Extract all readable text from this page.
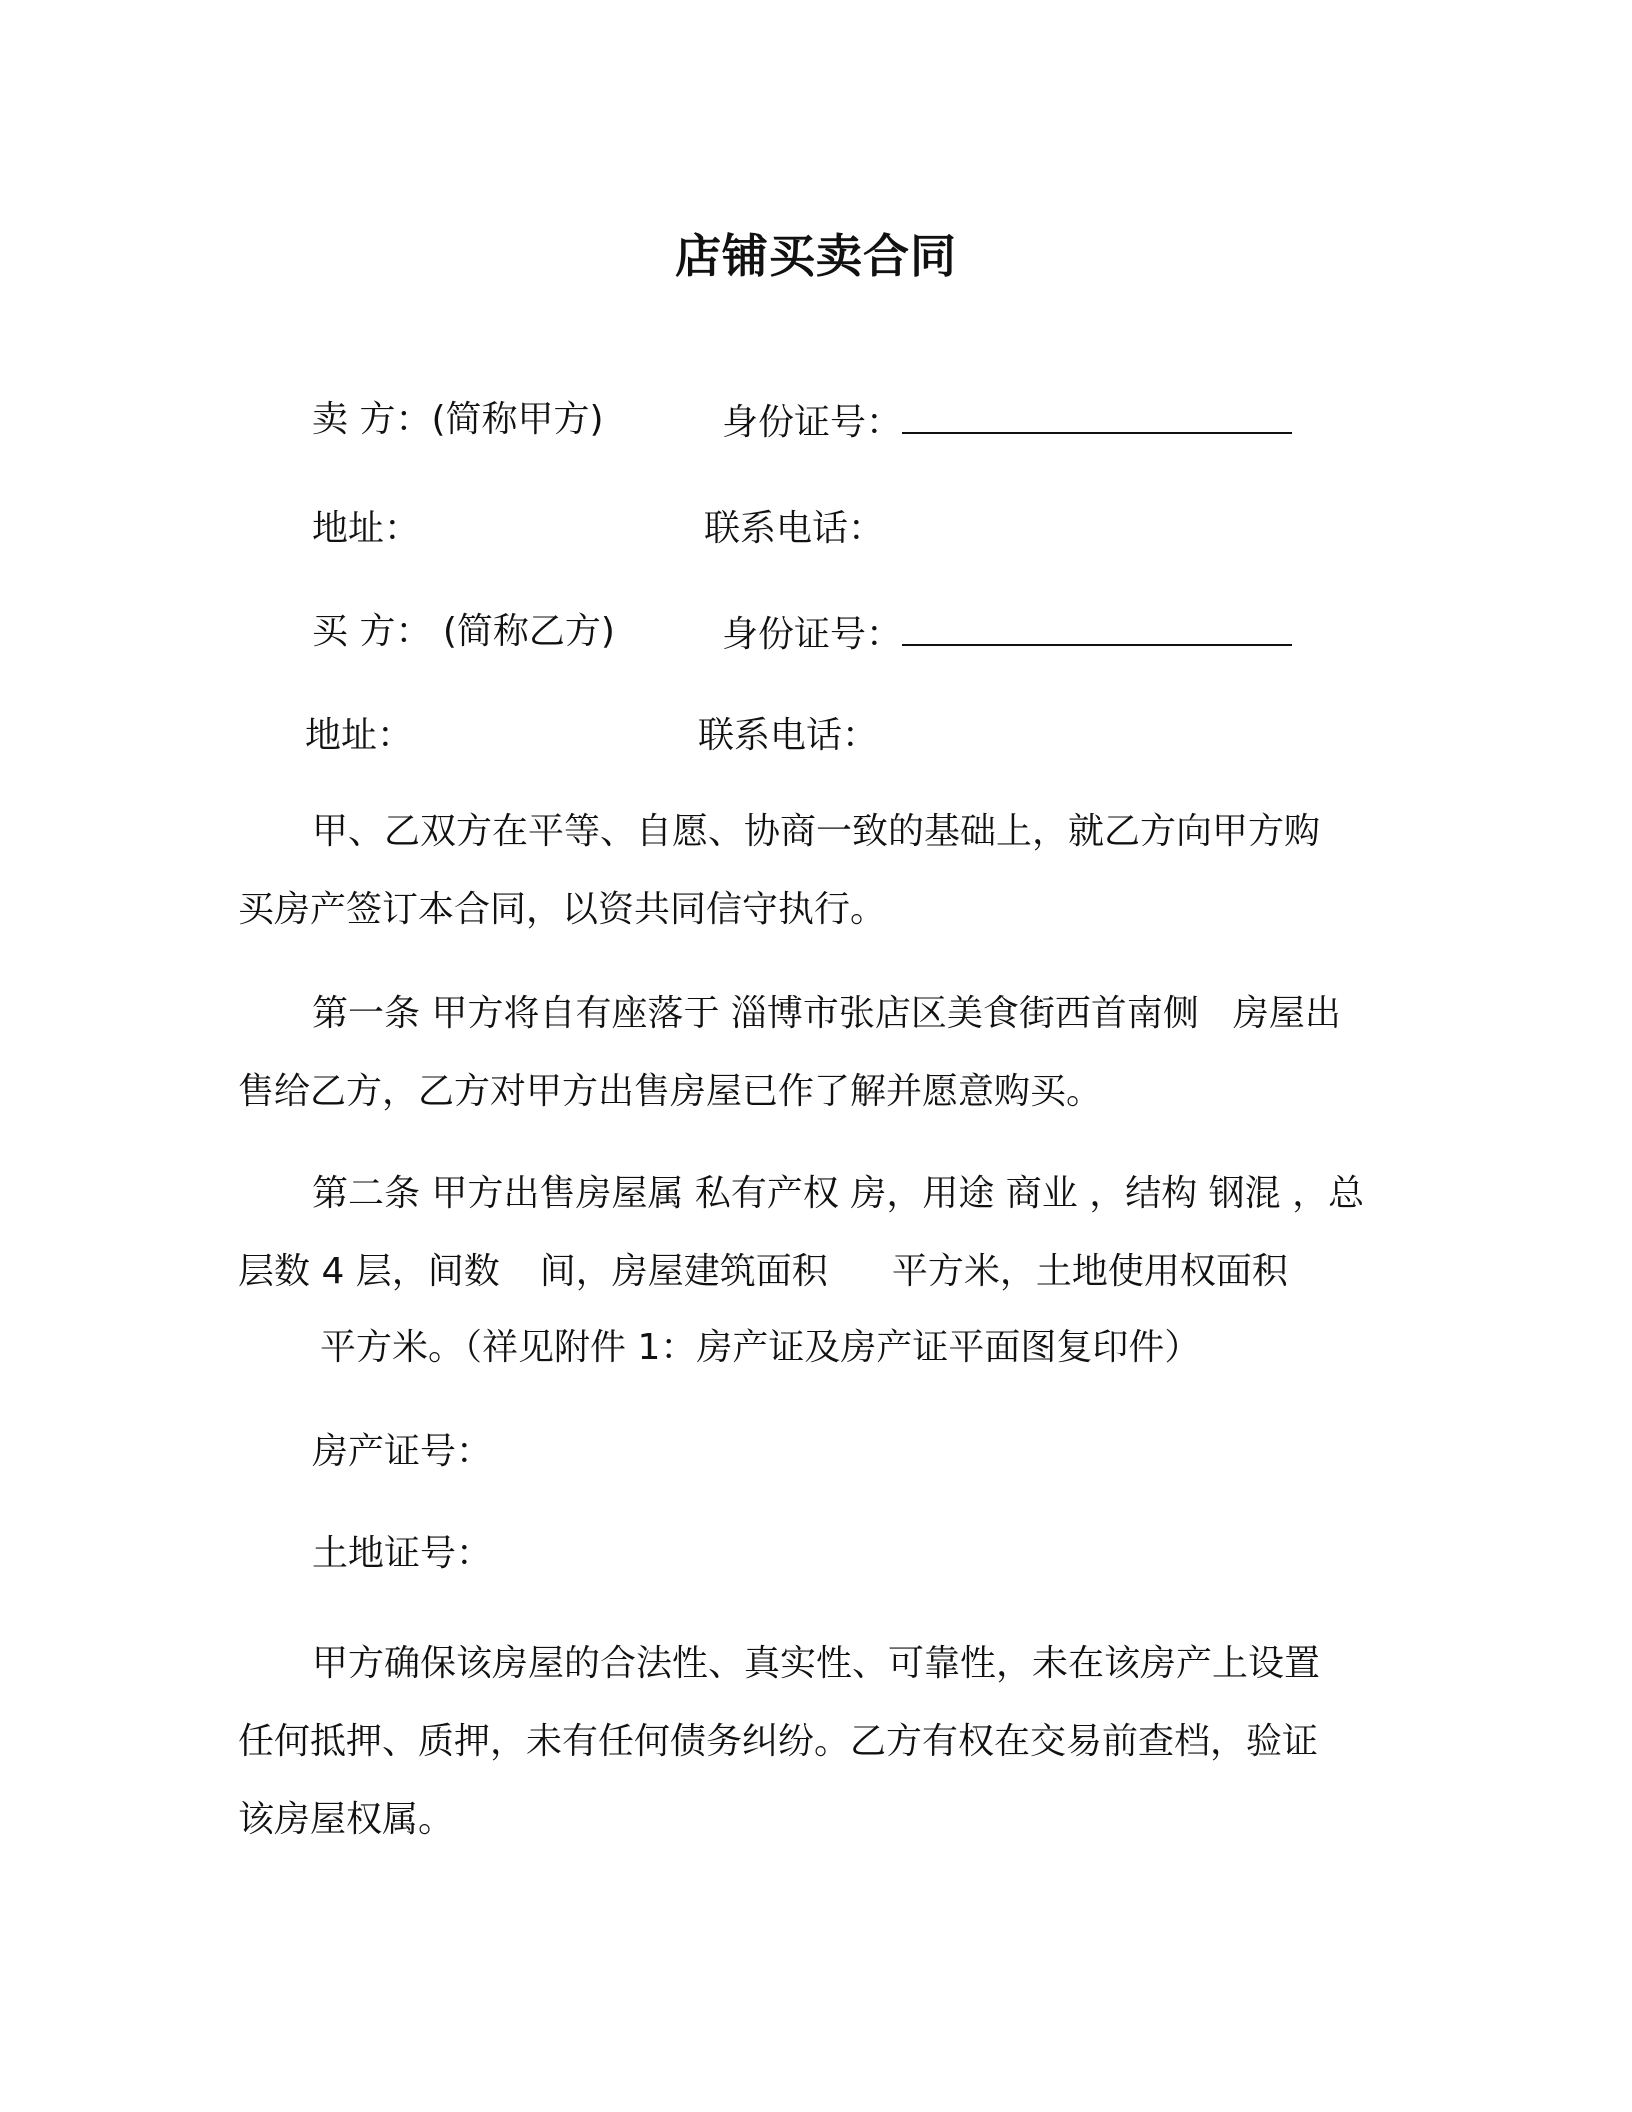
店铺买卖合同
卖 方：(简称甲方)	身份证号：
地址：	联系电话：
买 方： (简称乙方)	身份证号：
地址：	联系电话：
甲、乙双方在平等、自愿、协商一致的基础上，就乙方向甲方购
买房产签订本合同，以资共同信守执行。
第一条 甲方将自有座落于 淄博市张店区美食街西首南侧 房屋出
售给乙方，乙方对甲方出售房屋已作了解并愿意购买。
第二条 甲方出售房屋属 私有产权 房，用途 商业 ，结构 钢混 ，总
层数 4 层，间数 间，房屋建筑面积 平方米，土地使用权面积
平方米。（祥见附件 1：房产证及房产证平面图复印件）
房产证号：
土地证号：
甲方确保该房屋的合法性、真实性、可靠性，未在该房产上设置
任何抵押、质押，未有任何债务纠纷。乙方有权在交易前查档，验证
该房屋权属。
